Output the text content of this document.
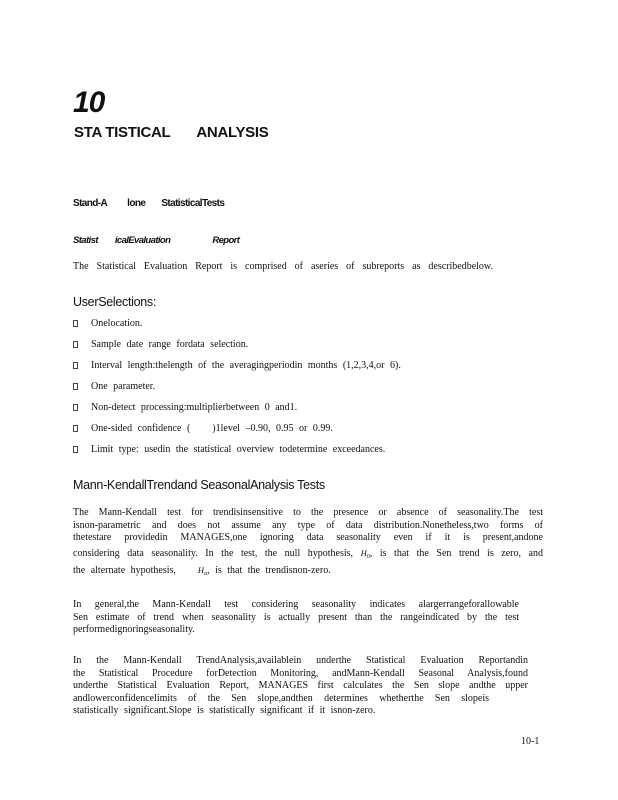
10
STA TISTICAL ANALYSIS
Stand-A lone StatisticalTests
Statist icalEvaluation	Report
The Statistical Evaluation Report is comprised of aseries of subreports as describedbelow.
UserSelections:
Onelocation.
Sample date range fordata selection.
Interval length:thelength of the averagingperiodin months (1,2,3,4,or 6).
One parameter.
Non-detect processing:multiplierbetween 0 and1.
One-sided confidence (    )1level –0.90, 0.95 or 0.99.
Limit type: usedin the statistical overview todetermine exceedances.
Mann-KendallTrendand SeasonalAnalysis Tests
The Mann-Kendall test for trendisinsensitive to the presence or absence of seasonality.The test
isnon-parametric and does not assume any type of data distribution.Nonetheless,two forms of
thetestare providedin MANAGES,one ignoring data seasonality even if it is present,andone
considering data seasonality. In the test, the null hypothesis, $H_0$, is that the Sen trend is zero, and
the alternate hypothesis,	$H_a$, is that the trendisnon-zero.
In general,the Mann-Kendall test considering seasonality indicates alargerrangeforallowable
Sen estimate of trend when seasonality is actually present than the rangeindicated by the test
performedignoringseasonality.
In the Mann-Kendall TrendAnalysis,availablein underthe Statistical Evaluation Reportandin
the Statistical Procedure forDetection Monitoring, andMann-Kendall Seasonal Analysis,found
underthe Statistical Evaluation Report, MANAGES first calculates the Sen slope andthe upper
andlowerconfidencelimits of the Sen slope,andthen determines whetherthe Sen slopeis
statistically significant.Slope is statistically significant if it isnon-zero.
10-1
